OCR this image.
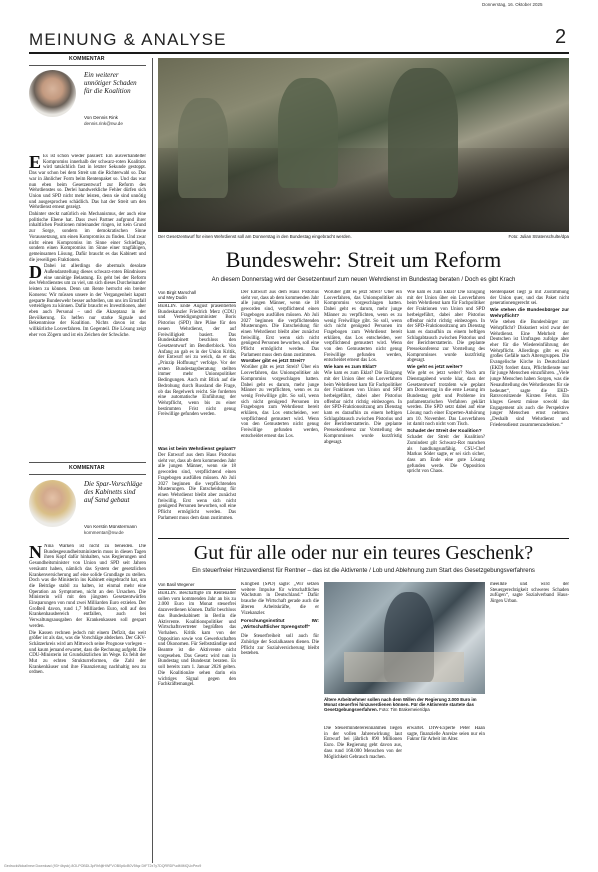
Donnerstag, 16. Oktober 2025
MEINUNG & ANALYSE	2
KOMMENTAR
Ein weiterer unnötiger Schaden für die Koalition
Von Dennis Rink
dennis.rink@nw.de

E Es ist schon wieder passiert: Ein ausverhandelter Kompromiss innerhalb der schwarz-roten Koalition wird tatsächlich fast in letzter Sekunde gestoppt. Das war schon bei dem Streit um die Richterwahl so. Das war in ähnlicher Form beim Rentenpaket so. Und das war nun eben beim Gesetzentwurf zur Reform des Wehrdienstes so. Derlei handwerkliche Fehler dürfen sich Union und SPD nicht mehr leisten, denn sie sind unnötig und ausgesprochen schädlich. Das hat der Streit um den Wehrdienst erneut gezeigt.

Dahinter steckt natürlich ein Mechanismus, der auch eine politische Ebene hat. Dass zwei Partner aufgrund ihrer inhaltlichen Positionen miteinander ringen, ist kein Grund zur Sorge, sondern im demokratischen Sinne Voraussetzung, um einen Kompromiss zu finden. Und zwar nicht einen Kompromiss im Sinne einer Schieflage, sondern einen Kompromiss im Sinne einer tragfähigen, gemeinsamen Lösung. Dafür braucht es das Kabinett und die jeweiligen Fraktionen.

D Dabei ist allerdings die abermals desolate Außendarstellung dieses schwarz-roten Bündnisses eine unnötige Belastung. Es geht bei der Reform des Wehrdienstes um zu viel, um sich dieses Durcheinander leisten zu können. Denn um Rente herrscht ein breiter Konsens: Wir müssen unsere in der Vergangenheit kaputt gesparte Bundeswehr besser aufstellen, um uns im Ernstfall verteidigen zu können. Dafür braucht es Investitionen, aber eben auch Personal – und die Akzeptanz in der Bevölkerung. Es helfen nur starke Signale und Bekenntnisse der Koalition. Nichts davon ist das willkürliche Losverfahren. Im Gegenteil. Die Lösung zeigt eher von Zögern und ist ein Zeichen der Schwäche.

KOMMENTAR
Die Spar-Vorschläge des Kabinetts sind auf Sand gebaut
Von Kerstin Münstermann
kommentar@nw.de

N Nina Warken ist nicht zu beneiden. Die Bundesgesundheitsministerin muss in diesen Tagen ihren Kopf dafür hinhalten, was Regierungen und Gesundheitsminister von Union und SPD seit Jahren versäumt haben, nämlich das System der gesetzlichen Krankenversicherung auf eine solide Grundlage zu stellen. Doch was die Ministerin ins Kabinett eingebracht hat, um die Beiträge stabil zu halten, ist einmal mehr eine Operation an Symptomen, nicht an den Ursachen. Die Ministerin will mit den jüngsten Gesetzentwürfen Einsparungen von rund zwei Milliarden Euro erzielen. Der Großteil davon, rund 1,7 Milliarden Euro, soll auf den Krankenhausbereich entfallen, auch bei Verwaltungsausgaben der Krankenkassen soll gespart werden.

Die Kassen rechnen jedoch mit einem Defizit, das weit größer ist als das, was die Vorschläge abdecken. Der GKV-Schätzerkreis wird am Mittwoch seine Prognose vorlegen – und kaum jemand erwartet, dass die Rechnung aufgeht. Die CDU-Ministerin ist Grundsätzlichen im Wege. Es fehlt der Mut zu echten Strukturreformen, die Zahl der Krankenhäuser und ihre Finanzierung nachhaltig neu zu ordnen.

Der Gesetzentwurf für einen Wehrdienst soll am Donnerstag in den Bundestag eingebracht werden.	Foto: Julian Stratenschulte/dpa
Bundeswehr: Streit um Reform
An diesem Donnerstag wird der Gesetzentwurf zum neuen Wehrdienst im Bundestag beraten / Doch es gibt Krach
Von Birgit Marschall
und Mey Dudin
BERLIN. Ende August präsentierten Bundeskanzler Friedrich Merz (CDU) und Verteidigungsminister Boris Pistorius (SPD) ihre Pläne für den neuen Wehrdienst, der auf Freiwilligkeit basiert. Das Bundeskabinett beschloss den Gesetzentwurf im Bendlerblock. Von Anfang an gab es in der Union Kritik, der Entwurf sei zu weich, da er das „Prinzip Hoffnung“ verfolge. Vor der ersten Bundestagsberatung stellten immer mehr Unionspolitiker Bedingungen. Auch mit Blick auf die Bedrohung durch Russland die Frage, ob das Regelwerk reicht. Sie forderten eine automatische Einführung der Wehrpflicht, wenn bis zu einer bestimmten Frist nicht genug Freiwillige gefunden werden.
Was ist beim Wehrdienst geplant?
Der Entwurf aus dem Haus Pistorius sieht vor, dass ab dem kommenden Jahr alle jungen Männer, wenn sie 18 geworden sind, verpflichtend einen Fragebogen ausfüllen müssen. Ab Juli 2027 beginnen die verpflichtenden Musterungen. Die Entscheidung für einen Wehrdienst bleibt aber zunächst freiwillig. Erst wenn sich nicht genügend Personen beworben, soll eine Pflicht ermöglicht werden. Das Parlament muss dem dann zustimmen.
Der Entwurf aus dem Haus Pistorius sieht vor, dass ab dem kommenden Jahr alle jungen Männer, wenn sie 18 geworden sind, verpflichtend einen Fragebogen ausfüllen müssen. Ab Juli 2027 beginnen die verpflichtenden Musterungen. Die Entscheidung für einen Wehrdienst bleibt aber zunächst freiwillig. Erst wenn sich nicht genügend Personen beworben, soll eine Pflicht ermöglicht werden. Das Parlament muss dem dann zustimmen.
Worüber gibt es jetzt Streit?
Worüber gibt es jetzt Streit? Über ein Losverfahren, das Unionspolitiker als Kompromiss vorgeschlagen hatten. Dabei geht es darum, mehr junge Männer zu verpflichten, wenn es zu wenig Freiwillige gibt. So soll, wenn sich nicht genügend Personen im Fragebogen zum Wehrdienst bereit erklären, das Los entscheiden, wer verpflichtend gemustert wird. Wenn von den Gemusterten nicht genug Freiwillige gefunden werden, entscheidet erneut das Los.
Worüber gibt es jetzt Streit? Über ein Losverfahren, das Unionspolitiker als Kompromiss vorgeschlagen hatten. Dabei geht es darum, mehr junge Männer zu verpflichten, wenn es zu wenig Freiwillige gibt. So soll, wenn sich nicht genügend Personen im Fragebogen zum Wehrdienst bereit erklären, das Los entscheiden, wer verpflichtend gemustert wird. Wenn von den Gemusterten nicht genug Freiwillige gefunden werden, entscheidet erneut das Los.
Wie kam es zum Eklat?
Wie kam es zum Eklat? Die Einigung mit der Union über ein Losverfahren beim Wehrdienst kam für Fachpolitiker der Fraktionen von Union und SPD herbeigeführt, dabei aber Pistorius offenbar nicht richtig einbezogen. In der SPD-Fraktionssitzung am Dienstag kam es daraufhin zu einem heftigen Schlagabtausch zwischen Pistorius und der Berichterstatterin. Die geplante Pressekonferenz zur Vorstellung des Kompromisses wurde kurzfristig abgesagt.
Wie kam es zum Eklat? Die Einigung mit der Union über ein Losverfahren beim Wehrdienst kam für Fachpolitiker der Fraktionen von Union und SPD herbeigeführt, dabei aber Pistorius offenbar nicht richtig einbezogen. In der SPD-Fraktionssitzung am Dienstag kam es daraufhin zu einem heftigen Schlagabtausch zwischen Pistorius und der Berichterstatterin. Die geplante Pressekonferenz zur Vorstellung des Kompromisses wurde kurzfristig abgesagt.
Wie geht es jetzt weiter?
Wie geht es jetzt weiter? Noch am Dienstagabend wurde klar, dass der Gesetzentwurf trotzdem wie geplant am Donnerstag in die erste Lesung im Bundestag geht und Probleme im parlamentarischen Verfahren geklärt werden. Die SPD setzt dabei auf eine Lösung nach einer Experten-Anhörung am 10. November. Das Losverfahren ist damit noch nicht vom Tisch.
Schadet der Streit der Koalition?
Schadet der Streit der Koalition? Zumindest gilt Schwarz-Rot manchen als handlungsunfähig. CSU-Chef Markus Söder sagte, er sei sich sicher, dass am Ende eine gute Lösung gefunden werde. Die Opposition spricht von Chaos.
Rentenpaket liegt ja mit Zustimmung der Union quer, und das Paket nicht generationengerecht sei.
Wie stehen die Bundesbürger zur Wehrpflicht?
Wie stehen die Bundesbürger zur Wehrpflicht? Diskutiert wird zwar der Wehrdienst. Eine Mehrheit der Deutschen ist Umfragen zufolge aber eher für die Wiedereinführung der Wehrpflicht. Allerdings gibt es ein großes Gefälle nach Altersgruppen. Die Evangelische Kirche in Deutschland (EKD) fordert dazu, Pflichtdienste nur für junge Menschen einzuführen. „Viele junge Menschen haben Sorgen, was die Neuaufstellung des Wehrdienstes für sie bedeutet“, sagte die EKD-Ratsvorsitzende Kirsten Fehrs. Ein kluges Gesetz müsse sowohl das Engagement als auch die Perspektive junger Menschen ernst nehmen. „Deshalb sind Wehrdienst und Friedensdienst zusammenzudenken.“
Gut für alle oder nur ein teures Geschenk?
Ein steuerfreier Hinzuverdienst für Rentner – das ist die Aktivrente / Lob und Ablehnung zum Start des Gesetzgebungsverfahrens
Von Basil Wegener
BERLIN. Beschäftigte im Rentenalter sollen vom kommenden Jahr an bis zu 2.000 Euro im Monat steuerfrei dazuverdienen können. Dafür beschloss das Bundeskabinett in Berlin die Aktivrente. Koalitionspolitiker und Wirtschaftsvertreter begrüßten das Vorhaben. Kritik kam von der Opposition sowie von Gewerkschaften und Ökonomen. Für Selbstständige und Beamte ist die Aktivrente nicht vorgesehen. Das Gesetz wird nun in Bundestag und Bundesrat beraten. Es soll bereits zum 1. Januar 2026 gelten. Die Koalitionäre sehen darin ein wichtiges Signal gegen den Fachkräftemangel.
Klingbeil (SPD) sagte: „Wir setzen weitere Impulse für wirtschaftliches Wachstum in Deutschland.“ Dafür brauche die Wirtschaft gerade auch die älteren Arbeitskräfte, die er Vizekanzler.
Forschungsinstitut IW: „Wirtschaftlicher Sprengstoff“
Die Steuerfreiheit soll auch für Zuhörige der Sozialkassen dienen. Die Pflicht zur Sozialversicherung bleibt bestehen.
Ältere Arbeitnehmer sollen nach dem Willen der Regierung 2.000 Euro im Monat steuerfrei hinzuverdienen können. Für die Aktivrente startete das Gesetzgebungsverfahren. Foto: Tim Brakemeier/dpa
Die Steuerminderereinnahmen liegen in der vollen Jahreswirkung laut Entwurf bei jährlich 890 Millionen Euro. Die Regierung geht davon aus, dass rund 168.000 Menschen von der Möglichkeit Gebrauch machen.
erwartet. DIW-Experte Peter Haan sagte, finanzielle Anreize seien nur ein Faktor für Arbeit im Alter.
meeilkte und wird der Steuergerechtigkeit schweres Schaden zufügen“, sagte Sozialverband Haus-Jürgen Urban.
Gedruckt/lokal/new Download (93+4byck) 8OLPOBDL3pRhNjtHWFVOB0p6cB0V5fqz DtFT2x7y7DQRRDPudMIMQUxPeo9
